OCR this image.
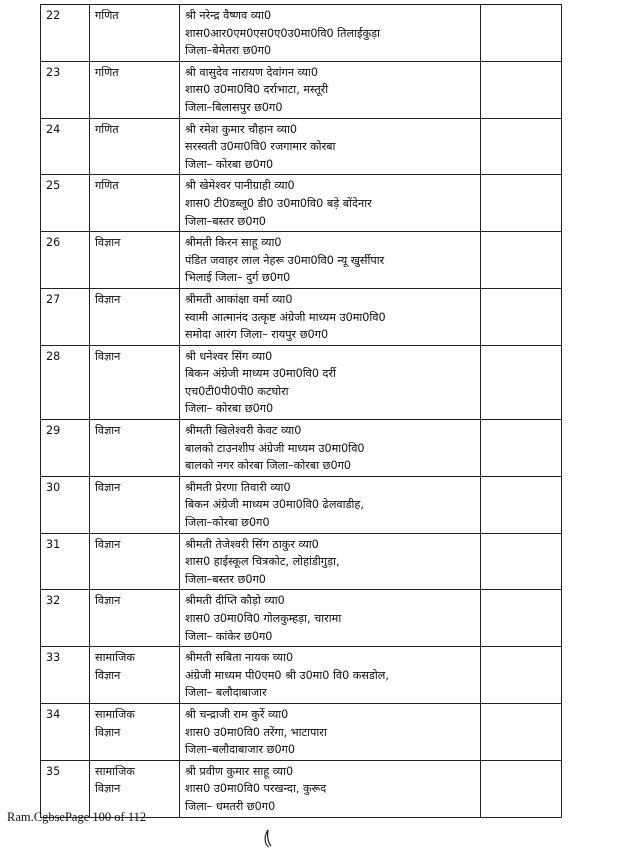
22	गणित	श्री नरेन्द्र वैष्णव व्या0
शास0आर0एम0एस0ए0उ0मा0वि0 तिलाईकुड़ा
जिला–बेमेतरा छ0ग0	

23	गणित	श्री वासुदेव नारायण देवांगन व्या0
शास0 उ0मा0वि0 दर्राभाटा, मस्तूरी
जिला–बिलासपुर छ0ग0	

24	गणित	श्री रमेश कुमार चौहान व्या0
सरस्वती उ0मा0वि0 रजगामार कोरबा
जिला– कोरबा छ0ग0	

25	गणित	श्री खेमेश्वर पानीग्राही व्या0
शास0 टी0डब्लू0 डी0 उ0मा0वि0 बड़े बोंदेनार
जिला–बस्तर छ0ग0	

26	विज्ञान	श्रीमती किरन साहू व्या0
पंडित जवाहर लाल नेहरू उ0मा0वि0 न्यू खुर्सीपार
भिलाई जिला– दुर्ग छ0ग0	

27	विज्ञान	श्रीमती आकांक्षा वर्मा व्या0
स्वामी आत्मानंद उत्कृष्ट अंग्रेजी माध्यम उ0मा0वि0
समोदा आरंग जिला– रायपुर छ0ग0	

28	विज्ञान	श्री धनेश्वर सिंग व्या0
बिकन अंग्रेजी माध्यम उ0मा0वि0 दर्री
एच0टी0पी0पी0 कटघोरा
जिला– कोरबा छ0ग0	

29	विज्ञान	श्रीमती खिलेश्वरी केवट व्या0
बालको टाउनशीप अंग्रेजी माध्यम उ0मा0वि0
बालको नगर कोरबा जिला–कोरबा छ0ग0	

30	विज्ञान	श्रीमती प्रेरणा तिवारी व्या0
बिकन अंग्रेजी माध्यम उ0मा0वि0 ढेलवाडीह,
जिला–कोरबा छ0ग0	

31	विज्ञान	श्रीमती तेजेश्वरी सिंग ठाकुर व्या0
शास0 हाईस्कूल चित्रकोट, लोहांडीगुड़ा,
जिला–बस्तर छ0ग0	

32	विज्ञान	श्रीमती दीप्ति कौड़ो व्या0
शास0 उ0मा0वि0 गोलकुम्हड़ा, चारामा
जिला– कांकेर छ0ग0	

33	सामाजिक
विज्ञान	श्रीमती सबिता नायक व्या0
अंग्रेजी माध्यम पी0एम0 श्री उ0मा0 वि0 कसडोल,
जिला– बलौदाबाजार	

34	सामाजिक
विज्ञान	श्री चन्द्राजी राम कुर्रे व्या0
शास0 उ0मा0वि0 तरेंगा, भाटापारा
जिला–बलौदाबाजार छ0ग0	

35	सामाजिक
विज्ञान	श्री प्रवीण कुमार साहू व्या0
शास0 उ0मा0वि0 परखन्दा, कुरूद
जिला– धमतरी छ0ग0	

Ram.CgbsePage 100 of 112
